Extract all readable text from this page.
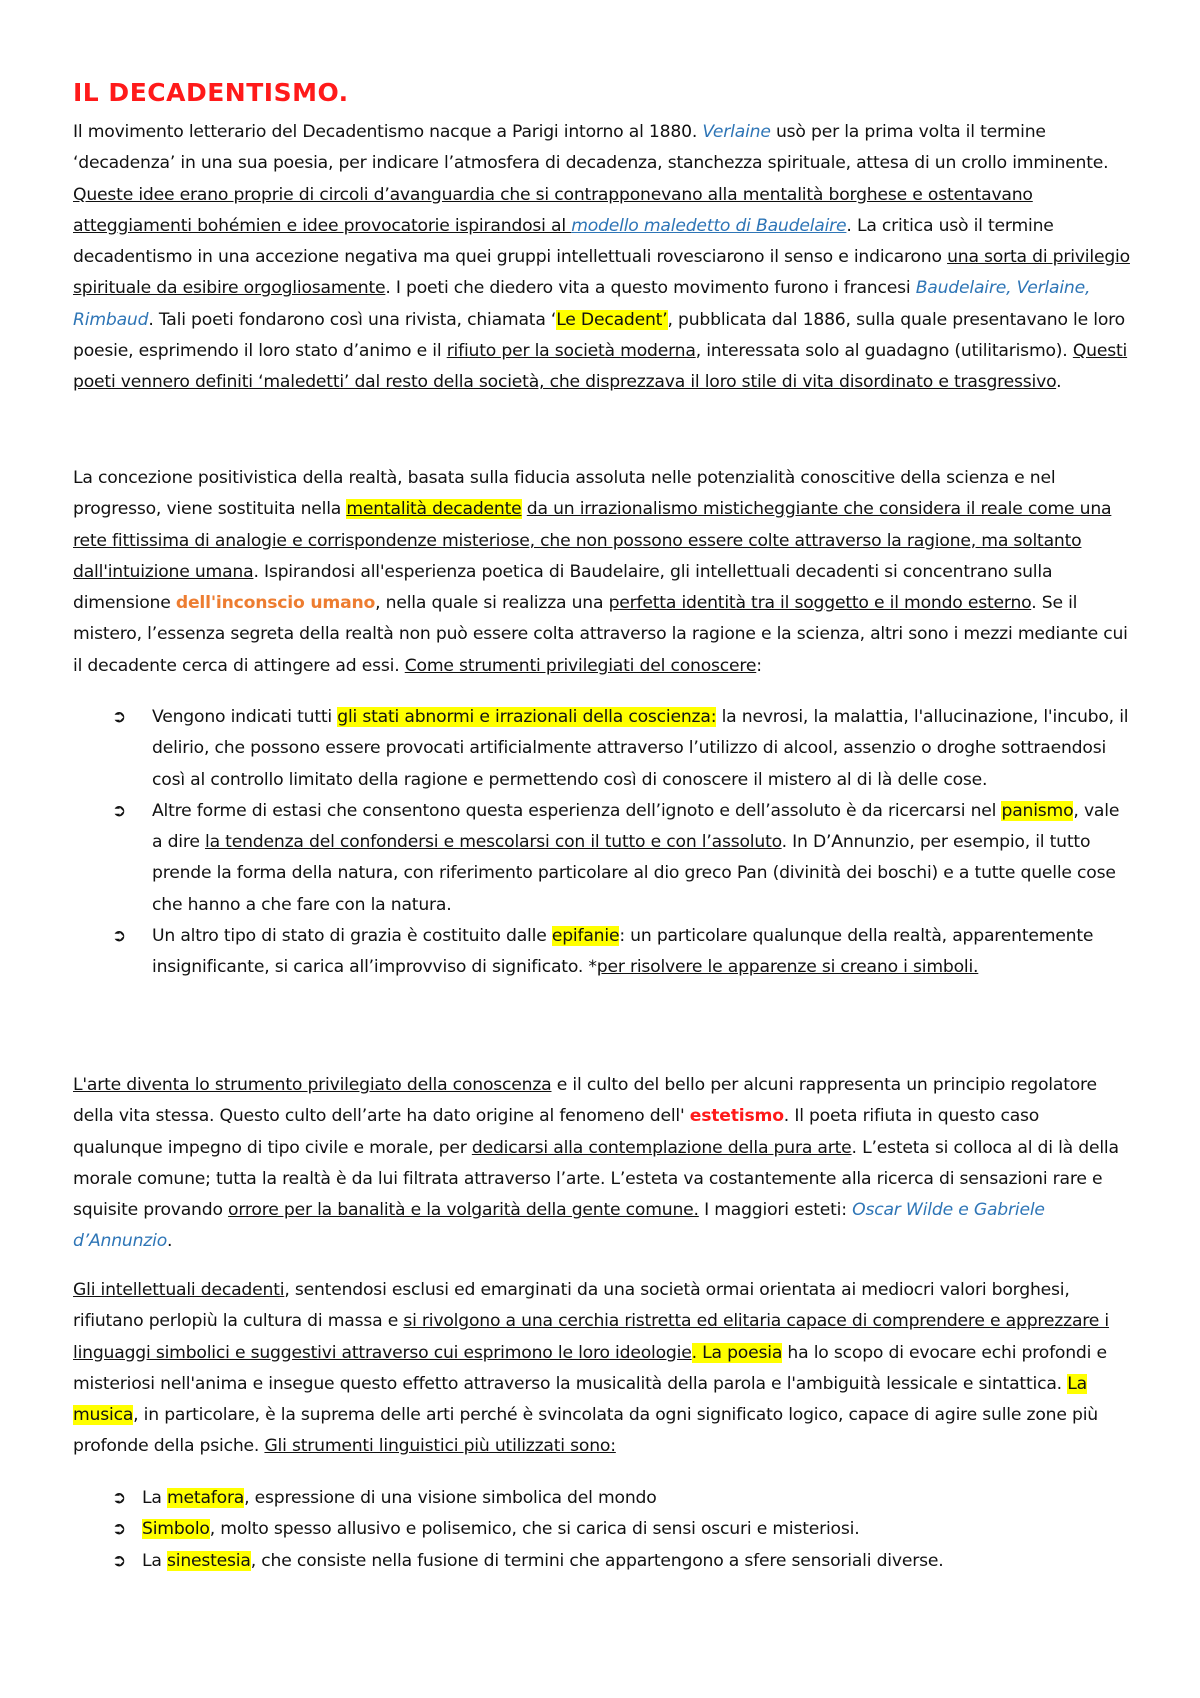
IL DECADENTISMO.

Il movimento letterario del Decadentismo nacque a Parigi intorno al 1880. Verlaine usò per la prima volta il termine ‘decadenza’ in una sua poesia, per indicare l’atmosfera di decadenza, stanchezza spirituale, attesa di un crollo imminente. Queste idee erano proprie di circoli d’avanguardia che si contrapponevano alla mentalità borghese e ostentavano atteggiamenti bohémien e idee provocatorie ispirandosi al modello maledetto di Baudelaire. La critica usò il termine decadentismo in una accezione negativa ma quei gruppi intellettuali rovesciarono il senso e indicarono una sorta di privilegio spirituale da esibire orgogliosamente. I poeti che diedero vita a questo movimento furono i francesi Baudelaire, Verlaine, Rimbaud. Tali poeti fondarono così una rivista, chiamata ‘Le Decadent’, pubblicata dal 1886, sulla quale presentavano le loro poesie, esprimendo il loro stato d’animo e il rifiuto per la società moderna, interessata solo al guadagno (utilitarismo). Questi poeti vennero definiti ‘maledetti’ dal resto della società, che disprezzava il loro stile di vita disordinato e trasgressivo.

La concezione positivistica della realtà, basata sulla fiducia assoluta nelle potenzialità conoscitive della scienza e nel progresso, viene sostituita nella mentalità decadente da un irrazionalismo misticheggiante che considera il reale come una rete fittissima di analogie e corrispondenze misteriose, che non possono essere colte attraverso la ragione, ma soltanto dall'intuizione umana. Ispirandosi all'esperienza poetica di Baudelaire, gli intellettuali decadenti si concentrano sulla dimensione dell'inconscio umano, nella quale si realizza una perfetta identità tra il soggetto e il mondo esterno. Se il mistero, l’essenza segreta della realtà non può essere colta attraverso la ragione e la scienza, altri sono i mezzi mediante cui il decadente cerca di attingere ad essi. Come strumenti privilegiati del conoscere:

➲ Vengono indicati tutti gli stati abnormi e irrazionali della coscienza: la nevrosi, la malattia, l'allucinazione, l'incubo, il delirio, che possono essere provocati artificialmente attraverso l’utilizzo di alcool, assenzio o droghe sottraendosi così al controllo limitato della ragione e permettendo così di conoscere il mistero al di là delle cose.
➲ Altre forme di estasi che consentono questa esperienza dell’ignoto e dell’assoluto è da ricercarsi nel panismo, vale a dire la tendenza del confondersi e mescolarsi con il tutto e con l’assoluto. In D’Annunzio, per esempio, il tutto prende la forma della natura, con riferimento particolare al dio greco Pan (divinità dei boschi) e a tutte quelle cose che hanno a che fare con la natura.
➲ Un altro tipo di stato di grazia è costituito dalle epifanie: un particolare qualunque della realtà, apparentemente insignificante, si carica all’improvviso di significato. *per risolvere le apparenze si creano i simboli.

L'arte diventa lo strumento privilegiato della conoscenza e il culto del bello per alcuni rappresenta un principio regolatore della vita stessa. Questo culto dell’arte ha dato origine al fenomeno dell' estetismo. Il poeta rifiuta in questo caso qualunque impegno di tipo civile e morale, per dedicarsi alla contemplazione della pura arte. L’esteta si colloca al di là della morale comune; tutta la realtà è da lui filtrata attraverso l’arte. L’esteta va costantemente alla ricerca di sensazioni rare e squisite provando orrore per la banalità e la volgarità della gente comune. I maggiori esteti: Oscar Wilde e Gabriele d’Annunzio.

Gli intellettuali decadenti, sentendosi esclusi ed emarginati da una società ormai orientata ai mediocri valori borghesi, rifiutano perlopiù la cultura di massa e si rivolgono a una cerchia ristretta ed elitaria capace di comprendere e apprezzare i linguaggi simbolici e suggestivi attraverso cui esprimono le loro ideologie. La poesia ha lo scopo di evocare echi profondi e misteriosi nell'anima e insegue questo effetto attraverso la musicalità della parola e l'ambiguità lessicale e sintattica. La musica, in particolare, è la suprema delle arti perché è svincolata da ogni significato logico, capace di agire sulle zone più profonde della psiche. Gli strumenti linguistici più utilizzati sono:

➲ La metafora, espressione di una visione simbolica del mondo
➲ Simbolo, molto spesso allusivo e polisemico, che si carica di sensi oscuri e misteriosi.
➲ La sinestesia, che consiste nella fusione di termini che appartengono a sfere sensoriali diverse.
